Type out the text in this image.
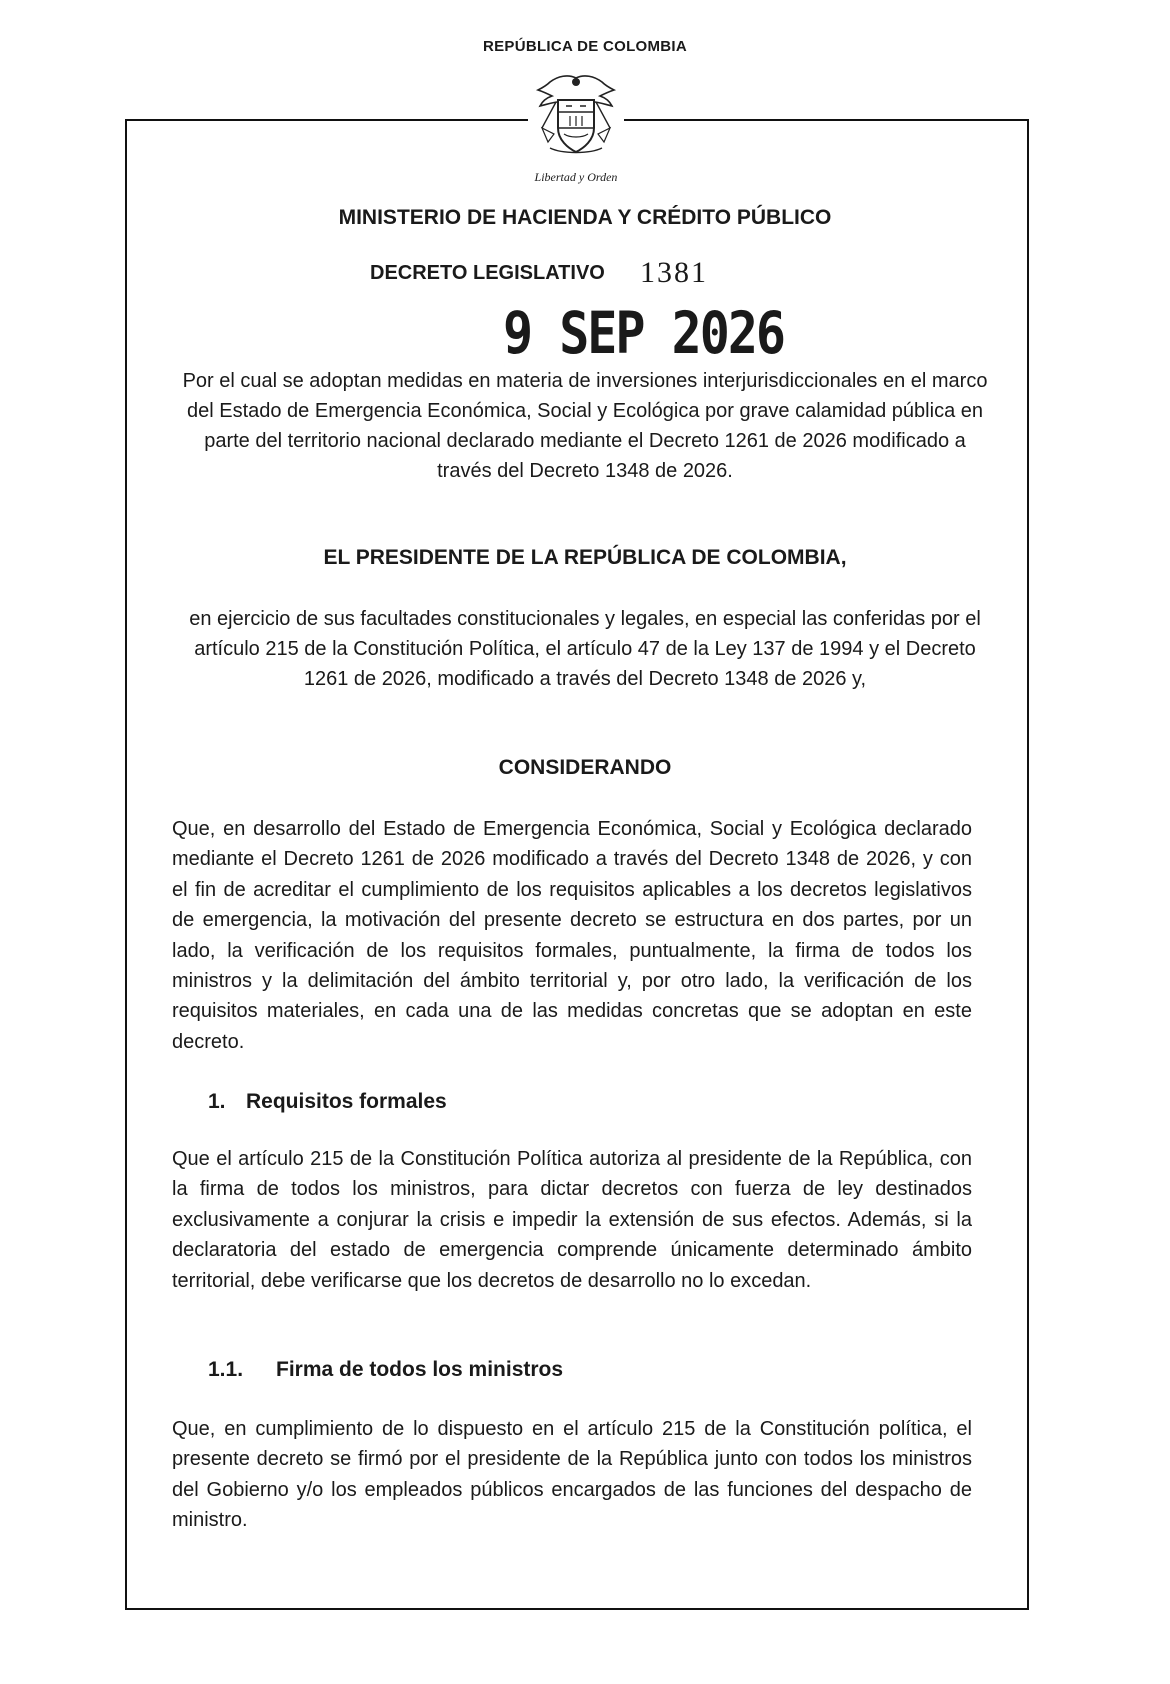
REPÚBLICA DE COLOMBIA
Libertad y Orden
MINISTERIO DE HACIENDA Y CRÉDITO PÚBLICO
DECRETO LEGISLATIVO 1381
9 SEP 2026
Por el cual se adoptan medidas en materia de inversiones interjurisdiccionales en el marco del Estado de Emergencia Económica, Social y Ecológica por grave calamidad pública en parte del territorio nacional declarado mediante el Decreto 1261 de 2026 modificado a través del Decreto 1348 de 2026.
EL PRESIDENTE DE LA REPÚBLICA DE COLOMBIA,
en ejercicio de sus facultades constitucionales y legales, en especial las conferidas por el artículo 215 de la Constitución Política, el artículo 47 de la Ley 137 de 1994 y el Decreto 1261 de 2026, modificado a través del Decreto 1348 de 2026 y,
CONSIDERANDO
Que, en desarrollo del Estado de Emergencia Económica, Social y Ecológica declarado mediante el Decreto 1261 de 2026 modificado a través del Decreto 1348 de 2026, y con el fin de acreditar el cumplimiento de los requisitos aplicables a los decretos legislativos de emergencia, la motivación del presente decreto se estructura en dos partes, por un lado, la verificación de los requisitos formales, puntualmente, la firma de todos los ministros y la delimitación del ámbito territorial y, por otro lado, la verificación de los requisitos materiales, en cada una de las medidas concretas que se adoptan en este decreto.
1. Requisitos formales
Que el artículo 215 de la Constitución Política autoriza al presidente de la República, con la firma de todos los ministros, para dictar decretos con fuerza de ley destinados exclusivamente a conjurar la crisis e impedir la extensión de sus efectos. Además, si la declaratoria del estado de emergencia comprende únicamente determinado ámbito territorial, debe verificarse que los decretos de desarrollo no lo excedan.
1.1. Firma de todos los ministros
Que, en cumplimiento de lo dispuesto en el artículo 215 de la Constitución política, el presente decreto se firmó por el presidente de la República junto con todos los ministros del Gobierno y/o los empleados públicos encargados de las funciones del despacho de ministro.
